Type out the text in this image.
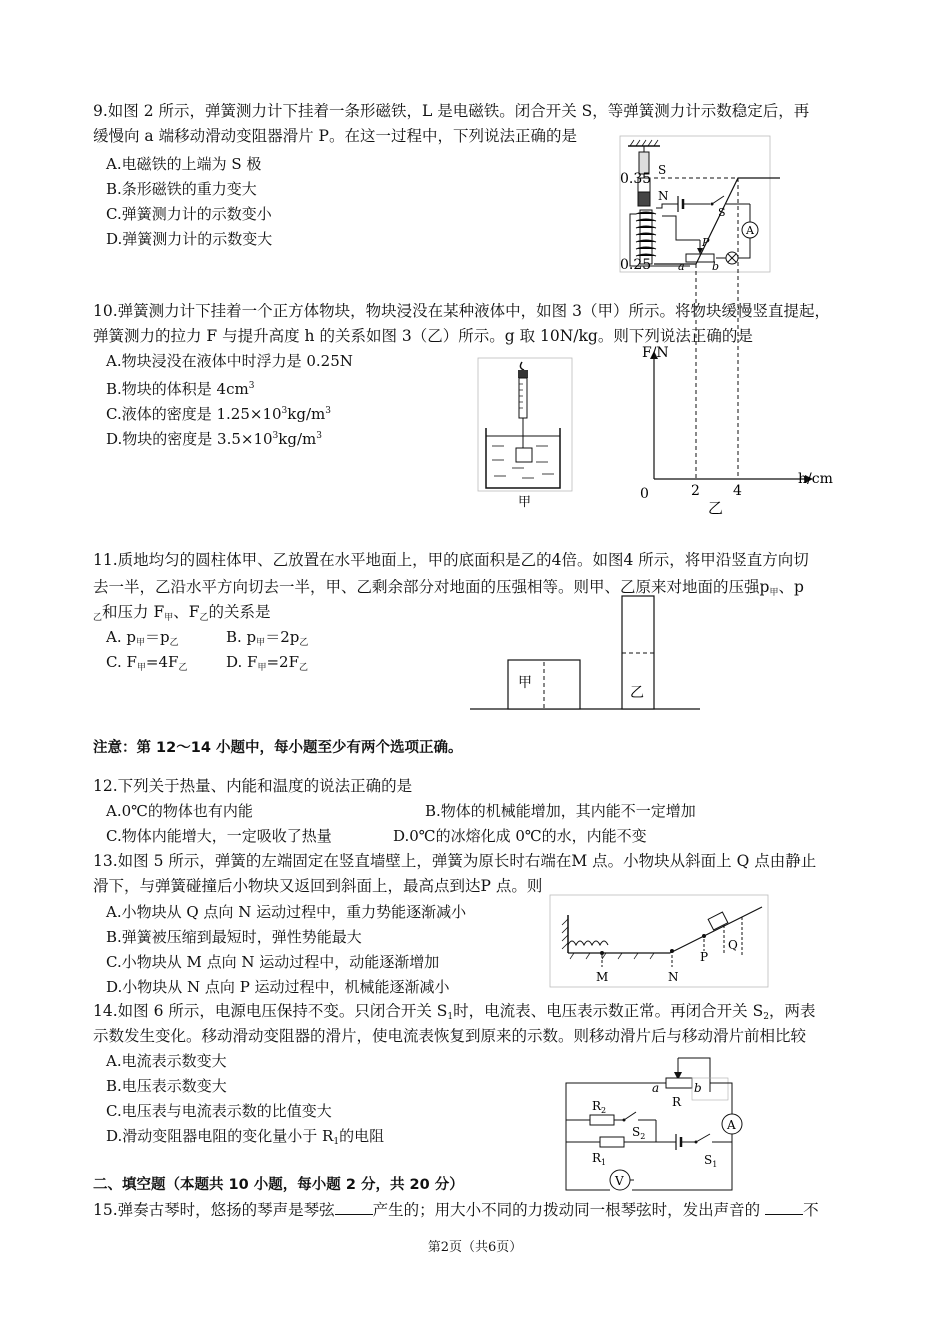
9.如图 2 所示，弹簧测力计下挂着一条形磁铁，L 是电磁铁。闭合开关 S，等弹簧测力计示数稳定后，再
缓慢向 a 端移动滑动变阻器滑片 P。在这一过程中，下列说法正确的是
A.电磁铁的上端为 S 极
B.条形磁铁的重力变大
C.弹簧测力计的示数变小
D.弹簧测力计的示数变大
S
N
S
A
P
a b
10.弹簧测力计下挂着一个正方体物块，物块浸没在某种液体中，如图 3（甲）所示。将物块缓慢竖直提起，
弹簧测力的拉力 F 与提升高度 h 的关系如图 3（乙）所示。g 取 10N/kg。则下列说法正确的是
A.物块浸没在液体中时浮力是 0.25N
B.物块的体积是 $4cm^3$
C.液体的密度是 $1.25\times 10^3kg/m^3$
D.物块的密度是 $3.5\times 10^3kg/m^3$
甲
F/N
h/cm
0
乙
2 4
0.25
0.35
11.质地均匀的圆柱体甲、乙放置在水平地面上，甲的底面积是乙的4倍。如图4 所示，将甲沿竖直方向切
去一半，乙沿水平方向切去一半，甲、乙剩余部分对地面的压强相等。则甲、乙原来对地面的压强$p_甲$、p
$_乙$和压力 $F_甲$、$F_乙$的关系是
A. $p_甲=p_乙$	B. $p_甲=2p_乙$
C. $F_甲=4F_乙$	D. $F_甲=2F_乙$
甲
乙
注意：第 12～14 小题中，每小题至少有两个选项正确。
12.下列关于热量、内能和温度的说法正确的是
A.0℃的物体也有内能	B.物体的机械能增加，其内能不一定增加
C.物体内能增大，一定吸收了热量	D.0℃的冰熔化成 0℃的水，内能不变
13.如图 5 所示，弹簧的左端固定在竖直墙壁上，弹簧为原长时右端在M 点。小物块从斜面上 Q 点由静止
滑下，与弹簧碰撞后小物块又返回到斜面上，最高点到达P 点。则
A.小物块从 Q 点向 N 运动过程中，重力势能逐渐减小
B.弹簧被压缩到最短时，弹性势能最大
C.小物块从 M 点向 N 运动过程中，动能逐渐增加
D.小物块从 N 点向 P 运动过程中，机械能逐渐减小
M	N
P
Q
14.如图 6 所示，电源电压保持不变。只闭合开关 $S_1$时，电流表、电压表示数正常。再闭合开关 $S_2$，两表
示数发生变化。移动滑动变阻器的滑片，使电流表恢复到原来的示数。则移动滑片后与移动滑片前相比较
A.电流表示数变大
B.电压表示数变大
C.电压表与电流表示数的比值变大
D.滑动变阻器电阻的变化量小于 $R_1$的电阻
a	b
R
A
V
$R_2$
$S_2$
$R_1$	$S_1$
二、填空题（本题共 10 小题，每小题 2 分，共 20 分）
15.弹奏古琴时，悠扬的琴声是琴弦 产生的；用大小不同的力拨动同一根琴弦时，发出声音的 不
第2页（共6页）
